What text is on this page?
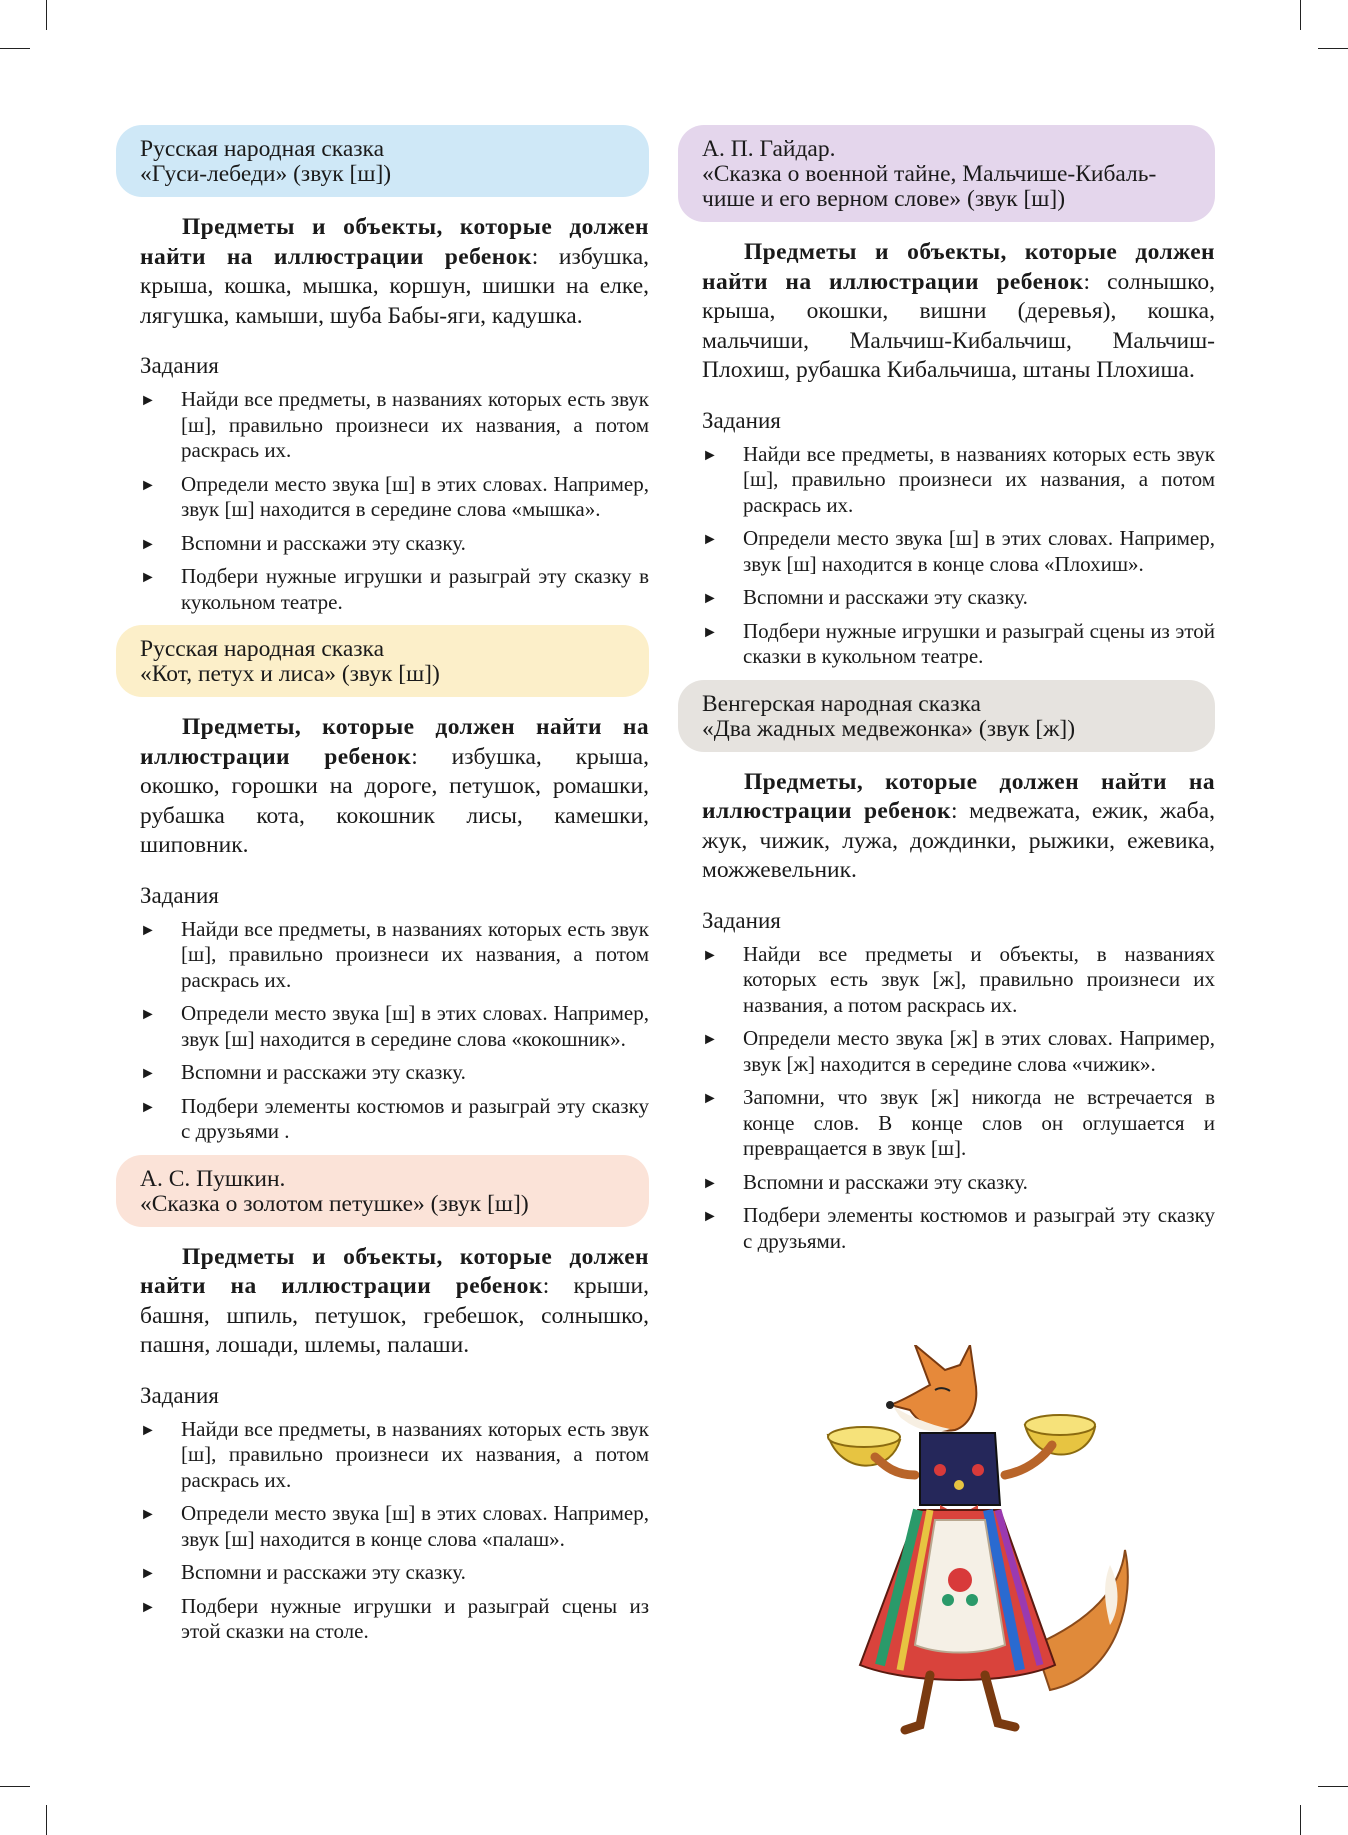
Русская народная сказка
«Гуси-лебеди» (звук [ш])

Предметы и объекты, которые должен найти на иллюстрации ребенок: избушка, крыша, кошка, мышка, коршун, шишки на елке, лягушка, камыши, шуба Бабы-яги, кадушка.

Задания
► Найди все предметы, в названиях которых есть звук [ш], правильно произнеси их названия, а потом раскрась их.
► Определи место звука [ш] в этих словах. Например, звук [ш] находится в середине слова «мышка».
► Вспомни и расскажи эту сказку.
► Подбери нужные игрушки и разыграй эту сказку в кукольном театре.
Русская народная сказка
«Кот, петух и лиса» (звук [ш])

Предметы, которые должен найти на иллюстрации ребенок: избушка, крыша, окошко, горошки на дороге, петушок, ромашки, рубашка кота, кокошник лисы, камешки, шиповник.

Задания
► Найди все предметы, в названиях которых есть звук [ш], правильно произнеси их названия, а потом раскрась их.
► Определи место звука [ш] в этих словах. Например, звук [ш] находится в середине слова «кокошник».
► Вспомни и расскажи эту сказку.
► Подбери элементы костюмов и разыграй эту сказку с друзьями .
А. С. Пушкин.
«Сказка о золотом петушке» (звук [ш])

Предметы и объекты, которые должен найти на иллюстрации ребенок: крыши, башня, шпиль, петушок, гребешок, солнышко, пашня, лошади, шлемы, палаши.

Задания
► Найди все предметы, в названиях которых есть звук [ш], правильно произнеси их названия, а потом раскрась их.
► Определи место звука [ш] в этих словах. Например, звук [ш] находится в конце слова «палаш».
► Вспомни и расскажи эту сказку.
► Подбери нужные игрушки и разыграй сцены из этой сказки на столе.
А. П. Гайдар.
«Сказка о военной тайне, Мальчише-Кибаль-
чише и его верном слове» (звук [ш])

Предметы и объекты, которые должен найти на иллюстрации ребенок: солнышко, крыша, окошки, вишни (деревья), кошка, мальчиши, Мальчиш-Кибальчиш, Мальчиш-Плохиш, рубашка Кибальчиша, штаны Плохиша.

Задания
► Найди все предметы, в названиях которых есть звук [ш], правильно произнеси их названия, а потом раскрась их.
► Определи место звука [ш] в этих словах. Например, звук [ш] находится в конце слова «Плохиш».
► Вспомни и расскажи эту сказку.
► Подбери нужные игрушки и разыграй сцены из этой сказки в кукольном театре.
Венгерская народная сказка
«Два жадных медвежонка» (звук [ж])

Предметы, которые должен найти на иллюстрации ребенок: медвежата, ежик, жаба, жук, чижик, лужа, дождинки, рыжики, ежевика, можжевельник.

Задания
► Найди все предметы и объекты, в названиях которых есть звук [ж], правильно произнеси их названия, а потом раскрась их.
► Определи место звука [ж] в этих словах. Например, звук [ж] находится в середине слова «чижик».
► Запомни, что звук [ж] никогда не встречается в конце слов. В конце слов он оглушается и превращается в звук [ш].
► Вспомни и расскажи эту сказку.
► Подбери элементы костюмов и разыграй эту сказку с друзьями.
